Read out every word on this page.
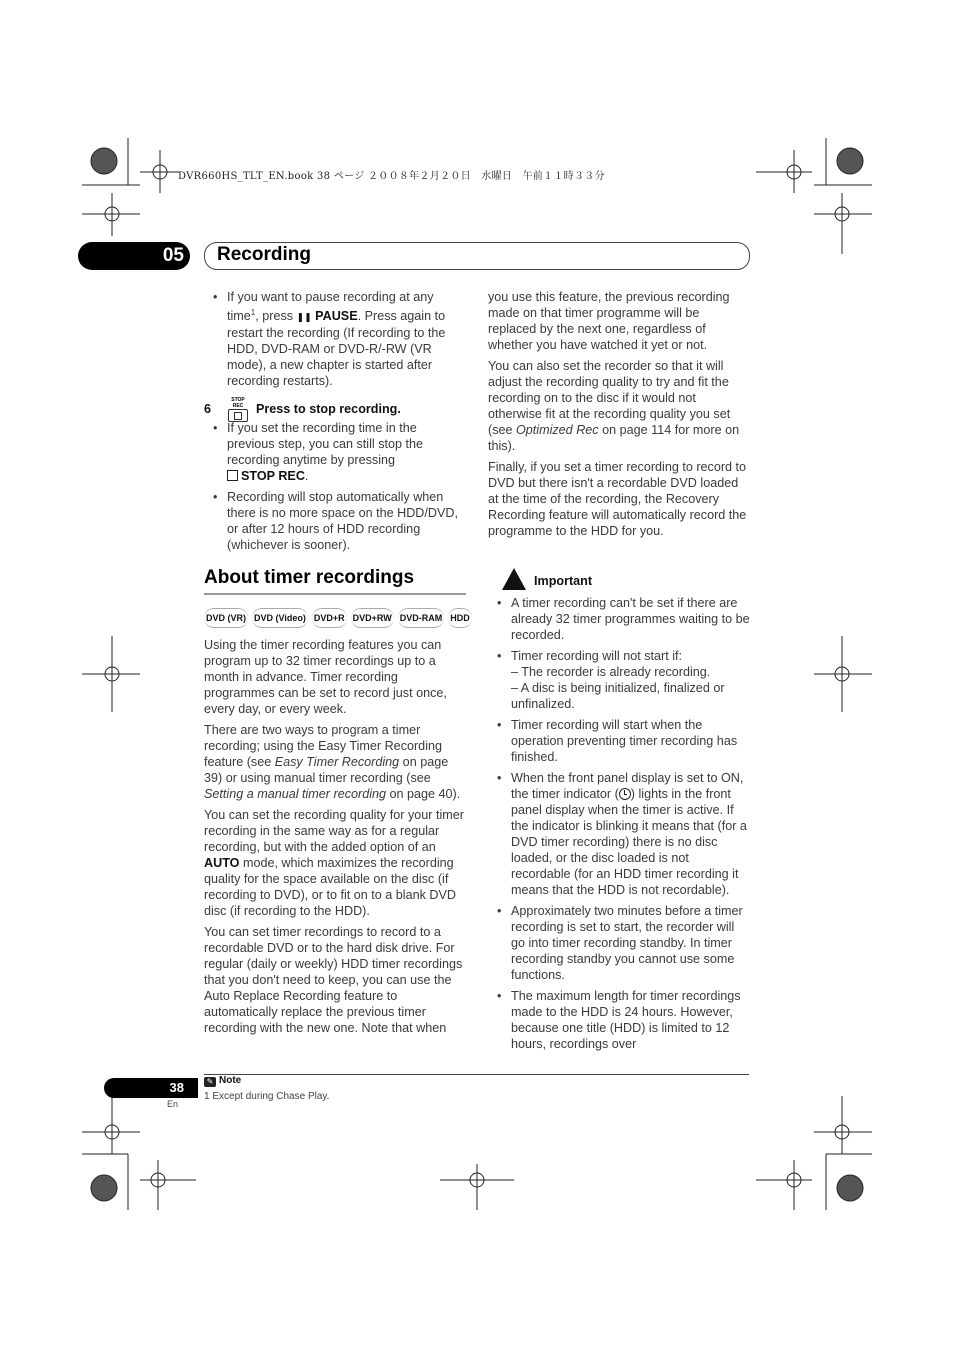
DVR660HS_TLT_EN.book 38 ページ ２００８年２月２０日　水曜日　午前１１時３３分
05 Recording
• If you want to pause recording at any time$^1$, press ❚❚ PAUSE. Press again to restart the recording (If recording to the HDD, DVD-RAM or DVD-R/-RW (VR mode), a new chapter is started after recording restarts).
6
STOP REC	Press to stop recording.
• If you set the recording time in the previous step, you can still stop the recording anytime by pressing
STOP REC.
• Recording will stop automatically when there is no more space on the HDD/DVD, or after 12 hours of HDD recording (whichever is sooner).
About timer recordings
DVD (VR) DVD (Video) DVD+R DVD+RW DVD-RAM HDD

Using the timer recording features you can program up to 32 timer recordings up to a month in advance. Timer recording programmes can be set to record just once, every day, or every week.

There are two ways to program a timer recording; using the Easy Timer Recording feature (see Easy Timer Recording on page 39) or using manual timer recording (see Setting a manual timer recording on page 40).

You can set the recording quality for your timer recording in the same way as for a regular recording, but with the added option of an AUTO mode, which maximizes the recording quality for the space available on the disc (if recording to DVD), or to fit on to a blank DVD disc (if recording to the HDD).

You can set timer recordings to record to a recordable DVD or to the hard disk drive. For regular (daily or weekly) HDD timer recordings that you don't need to keep, you can use the Auto Replace Recording feature to automatically replace the previous timer recording with the new one. Note that when

you use this feature, the previous recording made on that timer programme will be replaced by the next one, regardless of whether you have watched it yet or not.

You can also set the recorder so that it will adjust the recording quality to try and fit the recording on to the disc if it would not otherwise fit at the recording quality you set (see Optimized Rec on page 114 for more on this).

Finally, if you set a timer recording to record to DVD but there isn't a recordable DVD loaded at the time of the recording, the Recovery Recording feature will automatically record the programme to the HDD for you.

Important
• A timer recording can't be set if there are already 32 timer programmes waiting to be recorded.
• Timer recording will not start if:
– The recorder is already recording.
– A disc is being initialized, finalized or unfinalized.
• Timer recording will start when the operation preventing timer recording has finished.
• When the front panel display is set to ON, the timer indicator ( ) lights in the front panel display when the timer is active. If the indicator is blinking it means that (for a DVD timer recording) there is no disc loaded, or the disc loaded is not recordable (for an HDD timer recording it means that the HDD is not recordable).
• Approximately two minutes before a timer recording is set to start, the recorder will go into timer recording standby. In timer recording standby you cannot use some functions.
• The maximum length for timer recordings made to the HDD is 24 hours. However, because one title (HDD) is limited to 12 hours, recordings over
✎ Note
1 Except during Chase Play.
38
En
